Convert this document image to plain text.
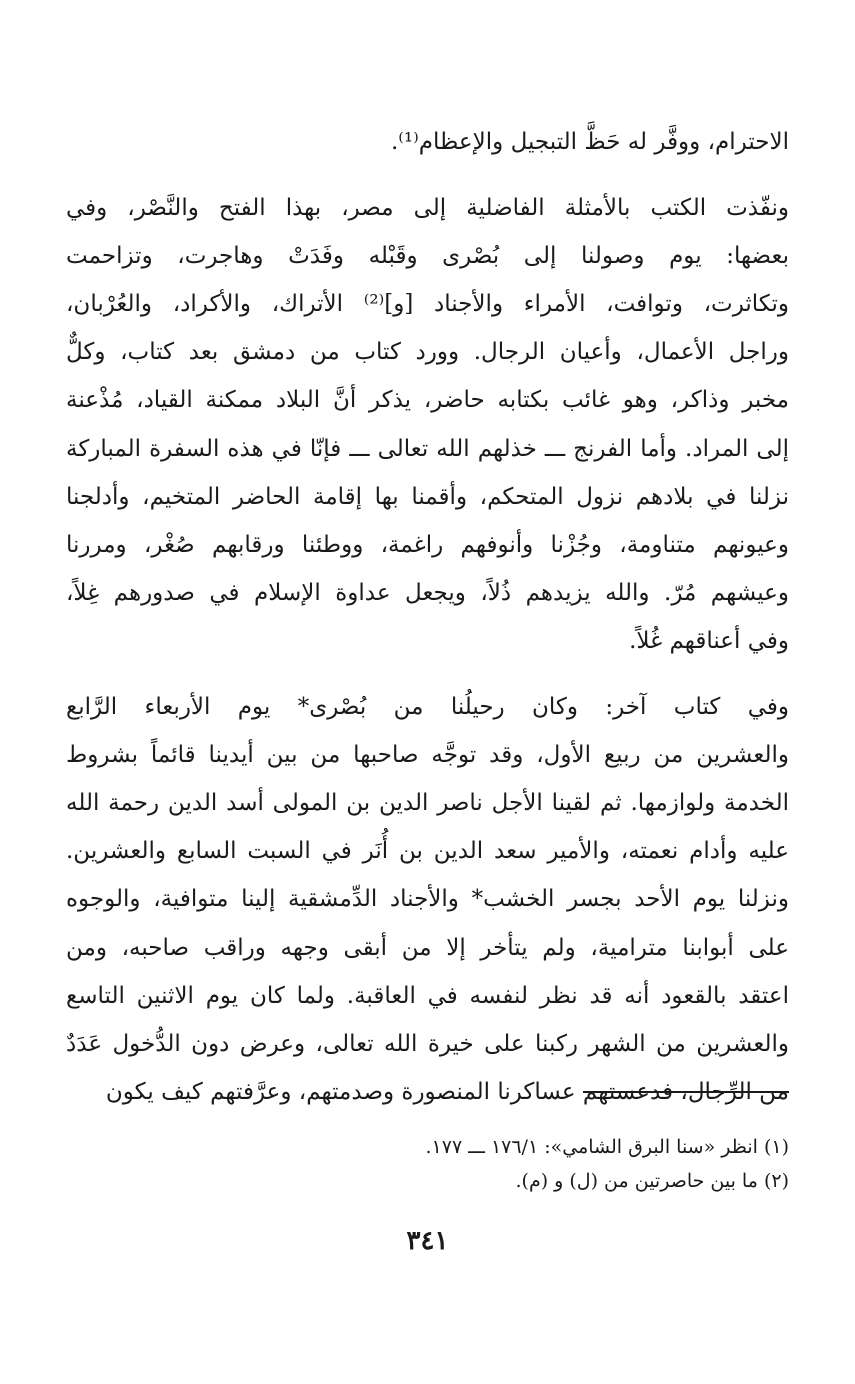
الاحترام، ووفَّر له حَظَّ التبجيل والإعظام⁽¹⁾.
ونفّذت الكتب بالأمثلة الفاضلية إلى مصر، بهذا الفتح والنَّصْر، وفي
بعضها: يوم وصولنا إلى بُصْرى وقَبْله وفَدَتْ وهاجرت، وتزاحمت
وتكاثرت، وتوافت، الأمراء والأجناد [و]⁽²⁾ الأتراك، والأكراد، والعُرْبان،
وراجل الأعمال، وأعيان الرجال. وورد كتاب من دمشق بعد كتاب، وكلٌّ
مخبر وذاكر، وهو غائب بكتابه حاضر، يذكر أنَّ البلاد ممكنة القياد، مُذْعنة
إلى المراد. وأما الفرنج ـــ خذلهم الله تعالى ـــ فإنّا في هذه السفرة المباركة
نزلنا في بلادهم نزول المتحكم، وأقمنا بها إقامة الحاضر المتخيم، وأدلجنا
وعيونهم متناومة، وجُزْنا وأنوفهم راغمة، ووطئنا ورقابهم صُغْر، ومررنا
وعيشهم مُرّ. والله يزيدهم ذُلاً، ويجعل عداوة الإسلام في صدورهم غِلاً،
وفي أعناقهم غُلاً.
وفي كتاب آخر: وكان رحيلُنا من بُصْرى* يوم الأربعاء الرَّابع
والعشرين من ربيع الأول، وقد توجَّه صاحبها من بين أيدينا قائماً بشروط
الخدمة ولوازمها. ثم لقينا الأجل ناصر الدين بن المولى أسد الدين رحمة الله
عليه وأدام نعمته، والأمير سعد الدين بن أُنَر في السبت السابع والعشرين.
ونزلنا يوم الأحد بجسر الخشب* والأجناد الدِّمشقية إلينا متوافية، والوجوه
على أبوابنا مترامية، ولم يتأخر إلا من أبقى وجهه وراقب صاحبه، ومن
اعتقد بالقعود أنه قد نظر لنفسه في العاقبة. ولما كان يوم الاثنين التاسع
والعشرين من الشهر ركبنا على خيرة الله تعالى، وعرض دون الدُّخول عَدَدٌ
من الرِّجال، فدعستهم عساكرنا المنصورة وصدمتهم، وعرَّفتهم كيف يكون
(١) انظر «سنا البرق الشامي»: ١٧٦/١ ـــ ١٧٧.
(٢) ما بين حاصرتين من (ل) و (م).
٣٤١
